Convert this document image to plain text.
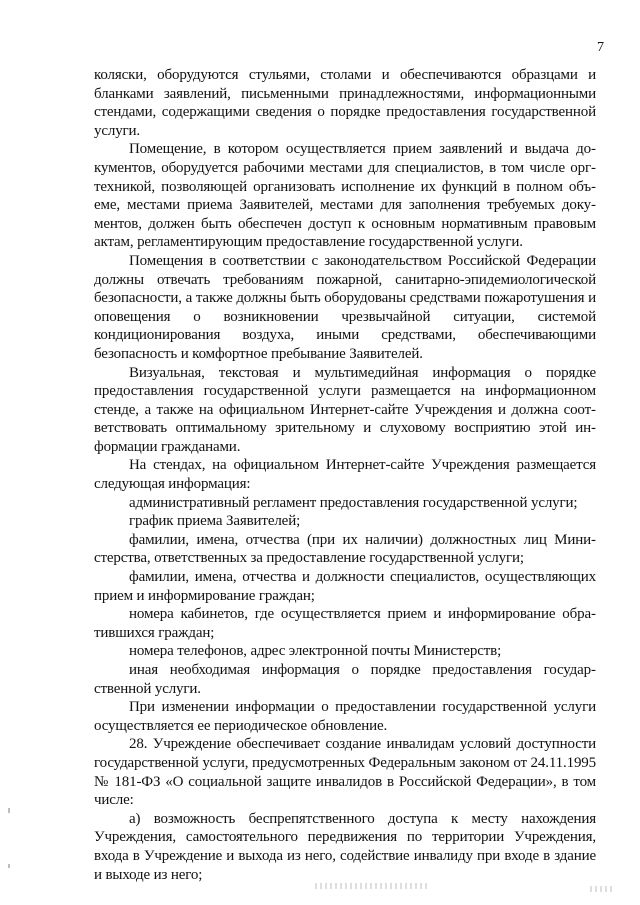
7

коляски, оборудуются стульями, столами и обеспечиваются образцами и бланками заявлений, письменными принадлежностями, информационными стендами, содержащими сведения о порядке предоставления государственной услуги.

Помещение, в котором осуществляется прием заявлений и выдача документов, оборудуется рабочими местами для специалистов, в том числе оргтехникой, позволяющей организовать исполнение их функций в полном объеме, местами приема Заявителей, местами для заполнения требуемых документов, должен быть обеспечен доступ к основным нормативным правовым актам, регламентирующим предоставление государственной услуги.

Помещения в соответствии с законодательством Российской Федерации должны отвечать требованиям пожарной, санитарно-эпидемиологической безопасности, а также должны быть оборудованы средствами пожаротушения и оповещения о возникновении чрезвычайной ситуации, системой кондиционирования воздуха, иными средствами, обеспечивающими безопасность и комфортное пребывание Заявителей.

Визуальная, текстовая и мультимедийная информация о порядке предоставления государственной услуги размещается на информационном стенде, а также на официальном Интернет-сайте Учреждения и должна соответствовать оптимальному зрительному и слуховому восприятию этой информации гражданами.

На стендах, на официальном Интернет-сайте Учреждения размещается следующая информация:

административный регламент предоставления государственной услуги;

график приема Заявителей;

фамилии, имена, отчества (при их наличии) должностных лиц Министерства, ответственных за предоставление государственной услуги;

фамилии, имена, отчества и должности специалистов, осуществляющих прием и информирование граждан;

номера кабинетов, где осуществляется прием и информирование обратившихся граждан;

номера телефонов, адрес электронной почты Министерств;

иная необходимая информация о порядке предоставления государственной услуги.

При изменении информации о предоставлении государственной услуги осуществляется ее периодическое обновление.

28. Учреждение обеспечивает создание инвалидам условий доступности государственной услуги, предусмотренных Федеральным законом от 24.11.1995 № 181-ФЗ «О социальной защите инвалидов в Российской Федерации», в том числе:

а) возможность беспрепятственного доступа к месту нахождения Учреждения, самостоятельного передвижения по территории Учреждения, входа в Учреждение и выхода из него, содействие инвалиду при входе в здание и выходе из него;
